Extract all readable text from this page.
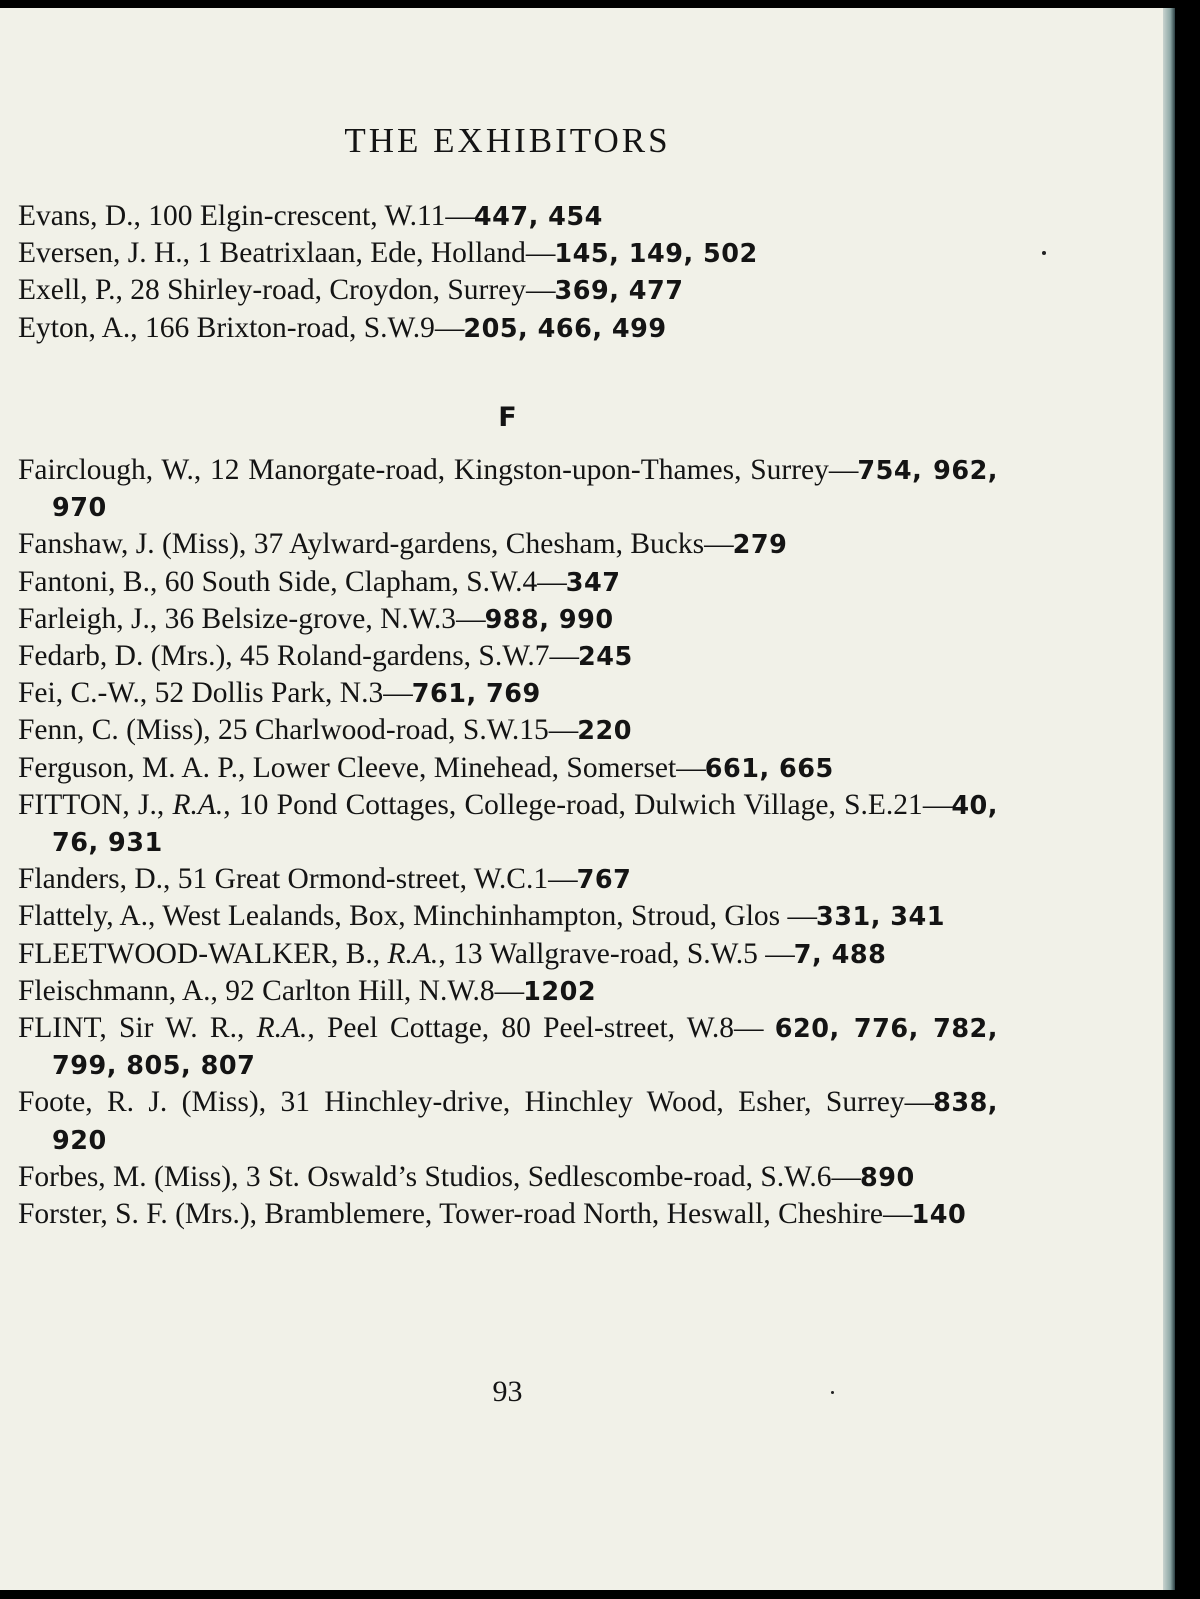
THE EXHIBITORS
Evans, D., 100 Elgin-crescent, W.11—447, 454
Eversen, J. H., 1 Beatrixlaan, Ede, Holland—145, 149, 502
Exell, P., 28 Shirley-road, Croydon, Surrey—369, 477
Eyton, A., 166 Brixton-road, S.W.9—205, 466, 499
F
Fairclough, W., 12 Manorgate-road, Kingston-upon-Thames, Surrey—754, 962, 970
Fanshaw, J. (Miss), 37 Aylward-gardens, Chesham, Bucks—279
Fantoni, B., 60 South Side, Clapham, S.W.4—347
Farleigh, J., 36 Belsize-grove, N.W.3—988, 990
Fedarb, D. (Mrs.), 45 Roland-gardens, S.W.7—245
Fei, C.-W., 52 Dollis Park, N.3—761, 769
Fenn, C. (Miss), 25 Charlwood-road, S.W.15—220
Ferguson, M. A. P., Lower Cleeve, Minehead, Somerset—661, 665
FITTON, J., R.A., 10 Pond Cottages, College-road, Dulwich Village, S.E.21—40, 76, 931
Flanders, D., 51 Great Ormond-street, W.C.1—767
Flattely, A., West Lealands, Box, Minchinhampton, Stroud, Glos —331, 341
FLEETWOOD-WALKER, B., R.A., 13 Wallgrave-road, S.W.5 —7, 488
Fleischmann, A., 92 Carlton Hill, N.W.8—1202
FLINT, Sir W. R., R.A., Peel Cottage, 80 Peel-street, W.8— 620, 776, 782, 799, 805, 807
Foote, R. J. (Miss), 31 Hinchley-drive, Hinchley Wood, Esher, Surrey—838, 920
Forbes, M. (Miss), 3 St. Oswald’s Studios, Sedlescombe-road, S.W.6—890
Forster, S. F. (Mrs.), Bramblemere, Tower-road North, Heswall, Cheshire—140
93
